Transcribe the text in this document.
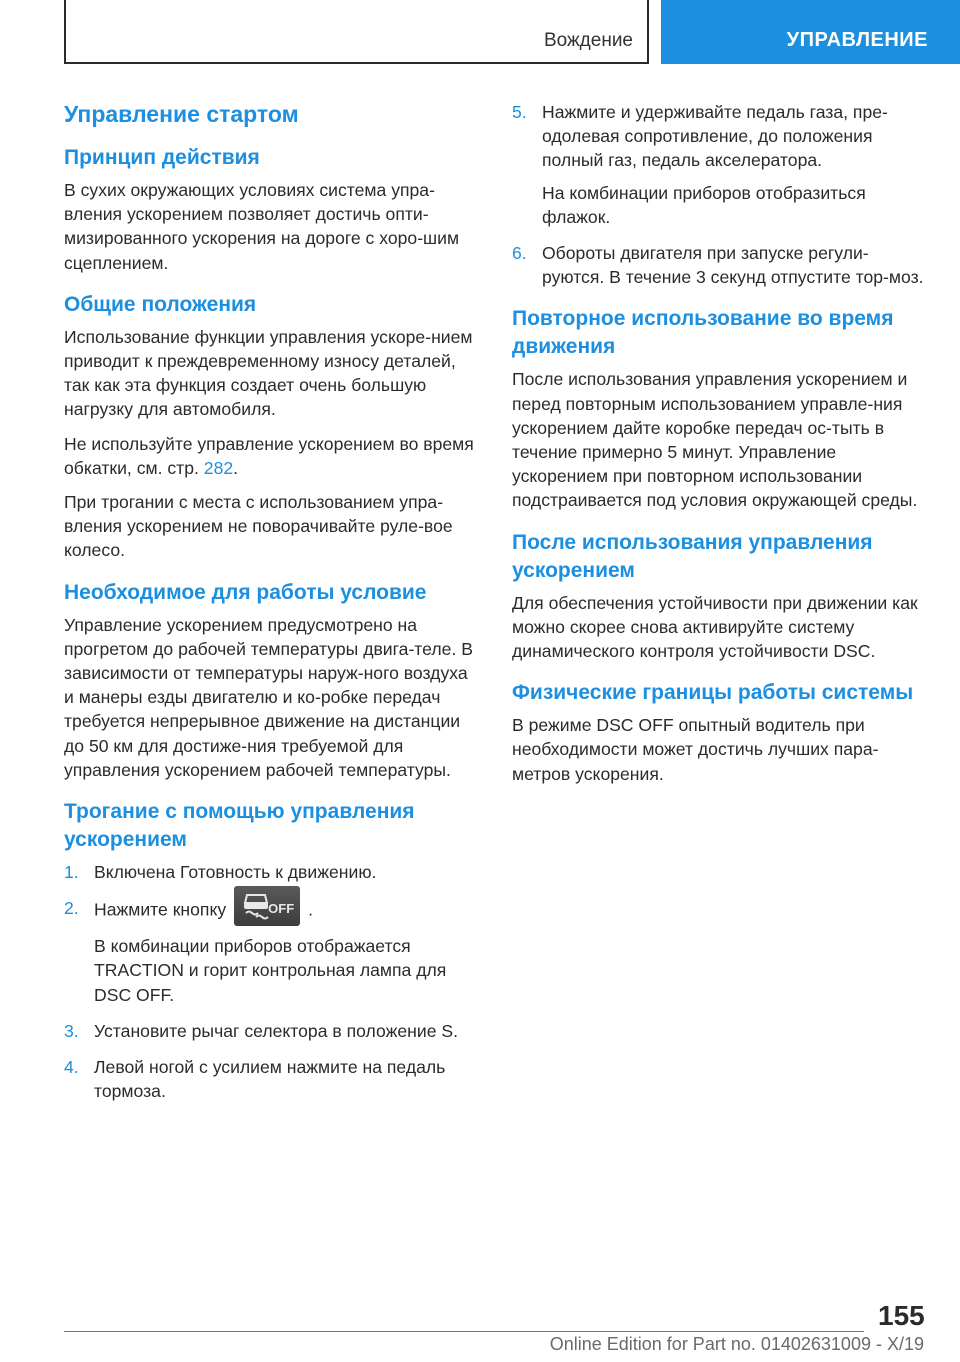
Вождение	УПРАВЛЕНИЕ
Управление стартом
Принцип действия

В сухих окружающих условиях система упра-вления ускорением позволяет достичь опти-мизированного ускорения на дороге с хоро-шим сцеплением.

Общие положения

Использование функции управления ускоре-нием приводит к преждевременному износу деталей, так как эта функция создает очень большую нагрузку для автомобиля.

Не используйте управление ускорением во время обкатки, см. стр. 282.

При трогании с места с использованием упра-вления ускорением не поворачивайте руле-вое колесо.

Необходимое для работы условие

Управление ускорением предусмотрено на прогретом до рабочей температуры двига-теле. В зависимости от температуры наруж-ного воздуха и манеры езды двигателю и ко-робке передач требуется непрерывное движение на дистанции до 50 км для достиже-ния требуемой для управления ускорением рабочей температуры.

Трогание с помощью управления ускорением
1. Включена Готовность к движению.

2. Нажмите кнопку	OFF .

В комбинации приборов отображается TRACTION и горит контрольная лампа для DSC OFF.

3. Установите рычаг селектора в положение S.

4. Левой ногой с усилием нажмите на педаль тормоза.

5. Нажмите и удерживайте педаль газа, пре-одолевая сопротивление, до положения полный газ, педаль акселератора.

На комбинации приборов отобразиться флажок.

6. Обороты двигателя при запуске регули-руются. В течение 3 секунд отпустите тор-моз.

Повторное использование во время движения

После использования управления ускорением и перед повторным использованием управле-ния ускорением дайте коробке передач ос-тыть в течение примерно 5 минут. Управление ускорением при повторном использовании подстраивается под условия окружающей среды.

После использования управления ускорением

Для обеспечения устойчивости при движении как можно скорее снова активируйте систему динамического контроля устойчивости DSC.

Физические границы работы системы

В режиме DSC OFF опытный водитель при необходимости может достичь лучших пара-метров ускорения.

155
Online Edition for Part no. 01402631009 - X/19
